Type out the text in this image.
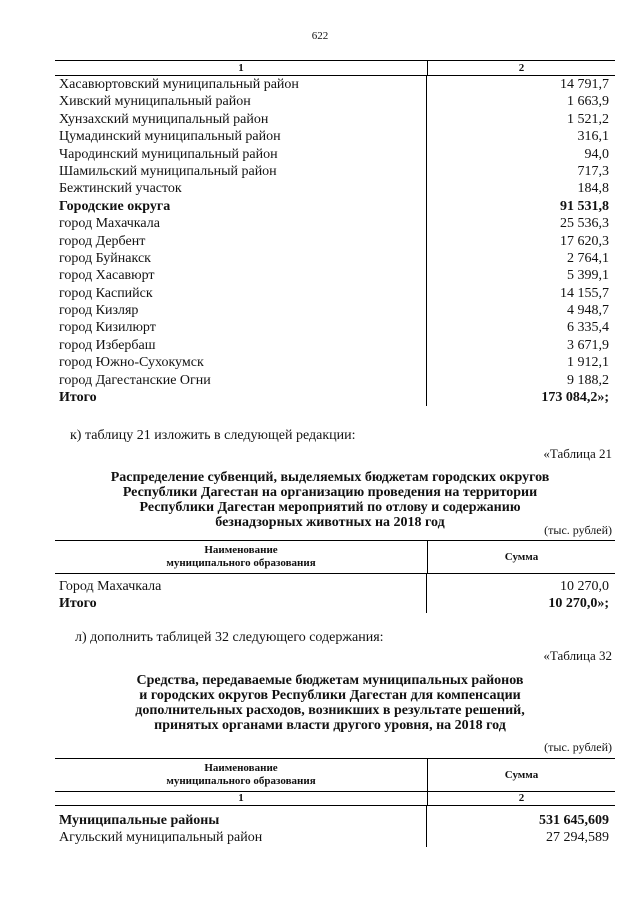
622
1	2
Хасавюртовский муниципальный район	14 791,7
Хивский муниципальный район	1 663,9
Хунзахский муниципальный район	1 521,2
Цумадинский муниципальный район	316,1
Чародинский муниципальный район	94,0
Шамильский муниципальный район	717,3
Бежтинский участок	184,8
Городские округа	91 531,8
город Махачкала	25 536,3
город Дербент	17 620,3
город Буйнакск	2 764,1
город Хасавюрт	5 399,1
город Каспийск	14 155,7
город Кизляр	4 948,7
город Кизилюрт	6 335,4
город Избербаш	3 671,9
город Южно-Сухокумск	1 912,1
город Дагестанские Огни	9 188,2
Итого	173 084,2»;
к) таблицу 21 изложить в следующей редакции:
«Таблица 21
Распределение субвенций, выделяемых бюджетам городских округов
Республики Дагестан на организацию проведения на территории
Республики Дагестан мероприятий по отлову и содержанию
безнадзорных животных на 2018 год	(тыс. рублей)
Наименование
муниципального образования	Сумма
Город Махачкала	10 270,0
Итого	10 270,0»;
л) дополнить таблицей 32 следующего содержания:
«Таблица 32
Средства, передаваемые бюджетам муниципальных районов
и городских округов Республики Дагестан для компенсации
дополнительных расходов, возникших в результате решений,
принятых органами власти другого уровня, на 2018 год
(тыс. рублей)
Наименование
муниципального образования	Сумма
1	2
Муниципальные районы	531 645,609
Агульский муниципальный район	27 294,589
